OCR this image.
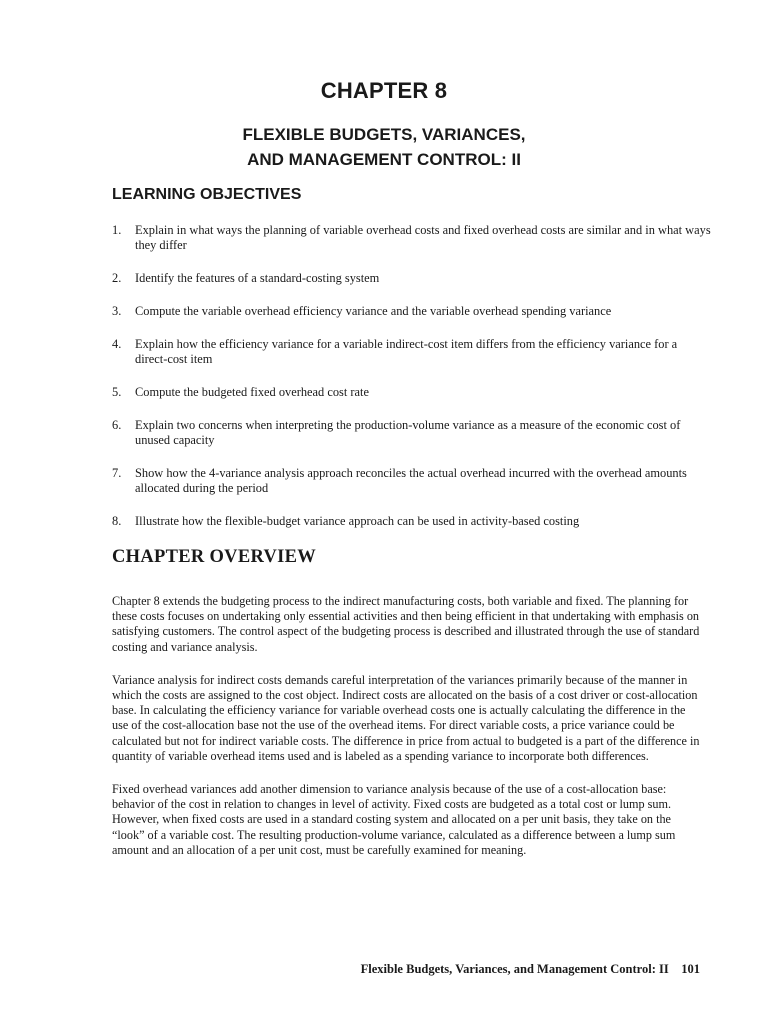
CHAPTER 8
FLEXIBLE BUDGETS, VARIANCES,
AND MANAGEMENT CONTROL: II
LEARNING OBJECTIVES
1. Explain in what ways the planning of variable overhead costs and fixed overhead costs are similar and in what ways they differ
2. Identify the features of a standard-costing system
3. Compute the variable overhead efficiency variance and the variable overhead spending variance
4. Explain how the efficiency variance for a variable indirect-cost item differs from the efficiency variance for a direct-cost item
5. Compute the budgeted fixed overhead cost rate
6. Explain two concerns when interpreting the production-volume variance as a measure of the economic cost of unused capacity
7. Show how the 4-variance analysis approach reconciles the actual overhead incurred with the overhead amounts allocated during the period
8. Illustrate how the flexible-budget variance approach can be used in activity-based costing
CHAPTER OVERVIEW

Chapter 8 extends the budgeting process to the indirect manufacturing costs, both variable and fixed. The planning for these costs focuses on undertaking only essential activities and then being efficient in that undertaking with emphasis on satisfying customers. The control aspect of the budgeting process is described and illustrated through the use of standard costing and variance analysis.

Variance analysis for indirect costs demands careful interpretation of the variances primarily because of the manner in which the costs are assigned to the cost object. Indirect costs are allocated on the basis of a cost driver or cost-allocation base. In calculating the efficiency variance for variable overhead costs one is actually calculating the difference in the use of the cost-allocation base not the use of the overhead items. For direct variable costs, a price variance could be calculated but not for indirect variable costs. The difference in price from actual to budgeted is a part of the difference in quantity of variable overhead items used and is labeled as a spending variance to incorporate both differences.

Fixed overhead variances add another dimension to variance analysis because of the use of a cost-allocation base: behavior of the cost in relation to changes in level of activity. Fixed costs are budgeted as a total cost or lump sum. However, when fixed costs are used in a standard costing system and allocated on a per unit basis, they take on the “look” of a variable cost. The resulting production-volume variance, calculated as a difference between a lump sum amount and an allocation of a per unit cost, must be carefully examined for meaning.

Flexible Budgets, Variances, and Management Control: II 101
